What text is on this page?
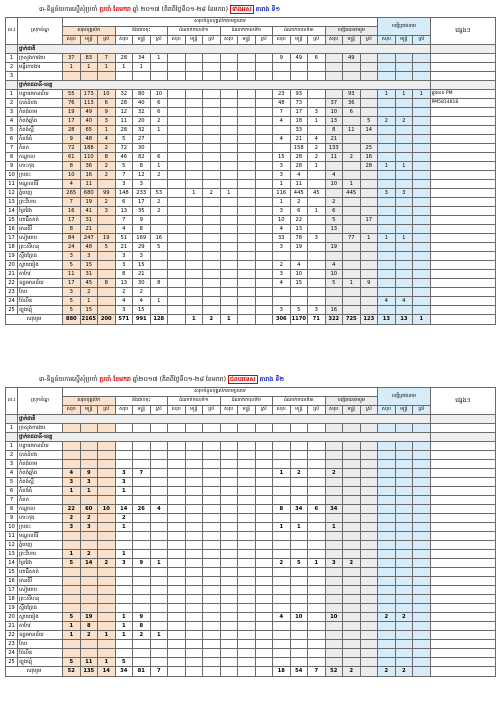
៣-ទិន្នន័យការស្នើសុំប្រចាំ ប្រចាំ ខែមករា ឆ្នាំ ២០១៧ (គិតពីថ្ងៃទី០១-២៨ ខែមករា) ទាំងអស់ តារាង ទី១
ល.រ	ស្រុកខ័ណ្ឌ	សរុបចំនួនបុគ្គលិកតាមប្រភេទ																		បញ្ជីព្រាងនាម			ផ្សេងៗ
		សរុបបុគ្គលិក			និងជាប់ចុះ			ដំណាក់កាលទី១			ដំណាក់កាលទី២			ដំណាក់កាលទី៣			បញ្ជីរាយនាមរួម						
		សរុប	មន្ត្រី	ស្រី	សរុប	មន្ត្រី	ស្រី	សរុប	មន្ត្រី	ស្រី	សរុប	មន្ត្រី	ស្រី	សរុប	មន្ត្រី	ស្រី	សរុប	មន្ត្រី	ស្រី	សរុប	មន្ត្រី	ស្រី	
	ថ្នាក់ជាតិ																						
1	ក្រសួងការងារ	37	83	7	28	34	1							9	49	6		49					
2	មន្ទីរការងារ	1	1	1	1	1																	
3																							
	ថ្នាក់រាជធានី-ខេត្ត																						
1	បន្ទាយមានជ័យ	55	173	10	32	80	10							23	93			93		1	1	1	ផ្លូវលេខ PM
2	បាត់ដំបង	76	113	6	28	40	6							48	73		37	36					PM5814818
3	កំពង់ចាម	19	49	9	12	32	6							7	17	3	10	6					
4	កំពង់ឆ្នាំង	17	40	3	11	20	2							4	18	1	13		5	2	2		
5	កំពង់ស្ពឺ	28	65	1	28	32	1								33		8	11	14				
6	កំពង់ធំ	9	48	4	5	27								4	21	4	21						
7	កំពត	72	188	2	72	30									158	2	133		25				
8	កណ្ដាល	61	110	8	46	82	6							15	28	2	11	2	16				
9	កោះកុង	8	36	2	5	8	1							3	28	1			28	1	1		
10	ក្រចេះ	10	16	2	7	12	2							3	4		4						
11	មណ្ឌលគិរី	4	11		3	3								1	11		10	1					
12	ភ្នំពេញ	265	680	99	148	233	53		1	2	1			116	445	45		445		3	3		
13	ព្រះវិហារ	7	19	2	6	17	2							1	2		2						
14	ព្រៃវែង	16	41	3	13	35	2							3	6	1	6						
15	ពោធិ៍សាត់	17	31		7	9								10	22		5		17				
16	រតនគិរី	8	21		4	8								4	13		13						
17	សៀមរាប	84	247	19	51	169	16							33	78	3		77	1	1	1		
18	ព្រះសីហនុ	24	48	5	21	29	5							3	19		19						
19	ស្ទឹងត្រែង	3	3		3	3																	
20	ស្វាយរៀង	5	15		3	15								2	4		4						
21	តាកែវ	11	31		8	21								3	10		10						
22	ឧត្តរមានជ័យ	17	45	8	13	30	8							4	15		5	1	9				
23	កែប	3	2		2	2																	
24	ប៉ៃលិន	5	1		4	4	1													4	4		
25	ត្បូងឃ្មុំ	5	15		3	15								3	5	3	16						
សរុបរួម		880	2165	200	571	991	128		1	2	1			306	1170	71	322	725	123	13	13	1	
៣-ទិន្នន័យការស្នើសុំប្រចាំ ប្រចាំ ខែមករា ឆ្នាំ២០១៧ (គិតពីថ្ងៃទី០១-២៨ ខែមករា) ជនបរទេស តារាង ទី២
ល.រ	ស្រុកខ័ណ្ឌ	សរុបចំនួនបុគ្គលិកតាមប្រភេទ																		បញ្ជីព្រាងនាម			ផ្សេងៗ
		សរុបបុគ្គលិក			និងជាប់ចុះ			ដំណាក់កាលទី១			ដំណាក់កាលទី២			ដំណាក់កាលទី៣			បញ្ជីរាយនាមរួម						
		សរុប	មន្ត្រី	ស្រី	សរុប	មន្ត្រី	ស្រី	សរុប	មន្ត្រី	ស្រី	សរុប	មន្ត្រី	ស្រី	សរុប	មន្ត្រី	ស្រី	សរុប	មន្ត្រី	ស្រី	សរុប	មន្ត្រី	ស្រី	
	ថ្នាក់ជាតិ																						
1	ក្រសួងការងារ																						
	ថ្នាក់រាជធានី-ខេត្ត																						
1	បន្ទាយមានជ័យ																						
2	បាត់ដំបង																						
3	កំពង់ចាម																						
4	កំពង់ឆ្នាំង	4	9		3	7								1	2		2						
5	កំពង់ស្ពឺ	3	3		3																		
6	កំពង់ធំ	1	1		1																		
7	កំពត																						
8	កណ្ដាល	22	60	10	14	26	4							8	34	6	34						
9	កោះកុង	2	2		2																		
10	ក្រចេះ	3	3		1									1	1		1						
11	មណ្ឌលគិរី																						
12	ភ្នំពេញ																						
13	ព្រះវិហារ	1	2		1																		
14	ព្រៃវែង	5	14	2	3	9	1							2	5	1	3	2					
15	ពោធិ៍សាត់																						
16	រតនគិរី																						
17	សៀមរាប																						
18	ព្រះសីហនុ																						
19	ស្ទឹងត្រែង																						
20	ស្វាយរៀង	5	19		1	9								4	10		10			2	2		
21	តាកែវ	1	8		1	8																	
22	ឧត្តរមានជ័យ	1	2	1	1	2	1																
23	កែប																						
24	ប៉ៃលិន																						
25	ត្បូងឃ្មុំ	5	11	1	5																		
សរុបរួម		52	135	14	34	81	7							18	54	7	52	2		2	2		
